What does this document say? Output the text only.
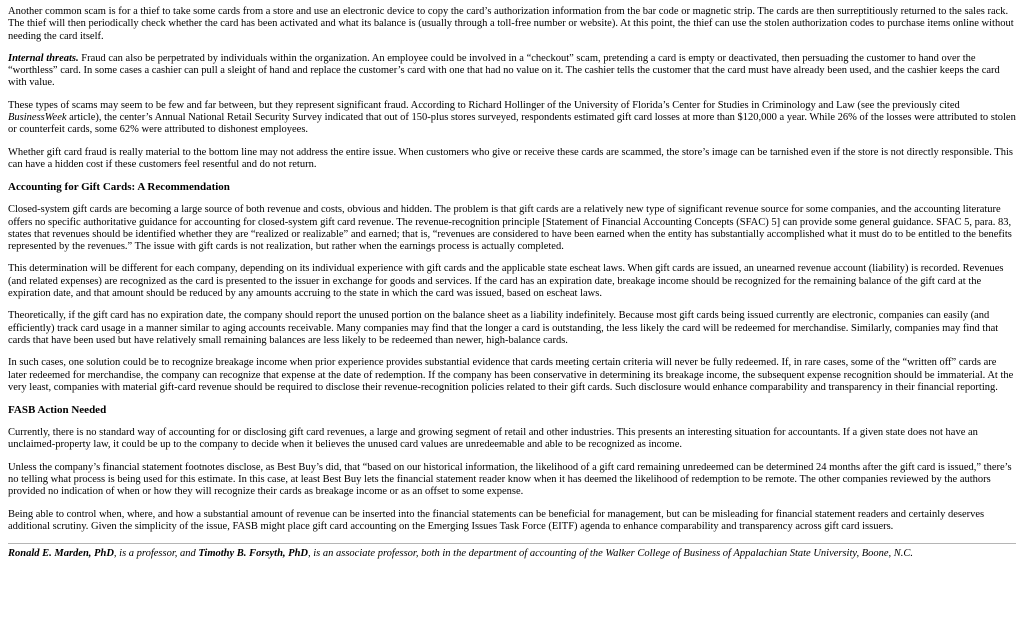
Another common scam is for a thief to take some cards from a store and use an electronic device to copy the card’s authorization information from the bar code or magnetic strip. The cards are then surreptitiously returned to the sales rack. The thief will then periodically check whether the card has been activated and what its balance is (usually through a toll-free number or website). At this point, the thief can use the stolen authorization codes to purchase items online without needing the card itself.

Internal threats. Fraud can also be perpetrated by individuals within the organization. An employee could be involved in a “checkout” scam, pretending a card is empty or deactivated, then persuading the customer to hand over the “worthless” card. In some cases a cashier can pull a sleight of hand and replace the customer’s card with one that had no value on it. The cashier tells the customer that the card must have already been used, and the cashier keeps the card with value.

These types of scams may seem to be few and far between, but they represent significant fraud. According to Richard Hollinger of the University of Florida’s Center for Studies in Criminology and Law (see the previously cited BusinessWeek article), the center’s Annual National Retail Security Survey indicated that out of 150-plus stores surveyed, respondents estimated gift card losses at more than $120,000 a year. While 26% of the losses were attributed to stolen or counterfeit cards, some 62% were attributed to dishonest employees.

Whether gift card fraud is really material to the bottom line may not address the entire issue. When customers who give or receive these cards are scammed, the store’s image can be tarnished even if the store is not directly responsible. This can have a hidden cost if these customers feel resentful and do not return.

Accounting for Gift Cards: A Recommendation

Closed-system gift cards are becoming a large source of both revenue and costs, obvious and hidden. The problem is that gift cards are a relatively new type of significant revenue source for some companies, and the accounting literature offers no specific authoritative guidance for accounting for closed-system gift card revenue. The revenue-recognition principle [Statement of Financial Accounting Concepts (SFAC) 5] can provide some general guidance. SFAC 5, para. 83, states that revenues should be identified whether they are “realized or realizable” and earned; that is, “revenues are considered to have been earned when the entity has substantially accomplished what it must do to be entitled to the benefits represented by the revenues.” The issue with gift cards is not realization, but rather when the earnings process is actually completed.

This determination will be different for each company, depending on its individual experience with gift cards and the applicable state escheat laws. When gift cards are issued, an unearned revenue account (liability) is recorded. Revenues (and related expenses) are recognized as the card is presented to the issuer in exchange for goods and services. If the card has an expiration date, breakage income should be recognized for the remaining balance of the gift card at the expiration date, and that amount should be reduced by any amounts accruing to the state in which the card was issued, based on escheat laws.

Theoretically, if the gift card has no expiration date, the company should report the unused portion on the balance sheet as a liability indefinitely. Because most gift cards being issued currently are electronic, companies can easily (and efficiently) track card usage in a manner similar to aging accounts receivable. Many companies may find that the longer a card is outstanding, the less likely the card will be redeemed for merchandise. Similarly, companies may find that cards that have been used but have relatively small remaining balances are less likely to be redeemed than newer, high-balance cards.

In such cases, one solution could be to recognize breakage income when prior experience provides substantial evidence that cards meeting certain criteria will never be fully redeemed. If, in rare cases, some of the “written off” cards are later redeemed for merchandise, the company can recognize that expense at the date of redemption. If the company has been conservative in determining its breakage income, the subsequent expense recognition should be immaterial. At the very least, companies with material gift-card revenue should be required to disclose their revenue-recognition policies related to their gift cards. Such disclosure would enhance comparability and transparency in their financial reporting.

FASB Action Needed

Currently, there is no standard way of accounting for or disclosing gift card revenues, a large and growing segment of retail and other industries. This presents an interesting situation for accountants. If a given state does not have an unclaimed-property law, it could be up to the company to decide when it believes the unused card values are unredeemable and able to be recognized as income.

Unless the company’s financial statement footnotes disclose, as Best Buy’s did, that “based on our historical information, the likelihood of a gift card remaining unredeemed can be determined 24 months after the gift card is issued,” there’s no telling what process is being used for this estimate. In this case, at least Best Buy lets the financial statement reader know when it has deemed the likelihood of redemption to be remote. The other companies reviewed by the authors provided no indication of when or how they will recognize their cards as breakage income or as an offset to some expense.

Being able to control when, where, and how a substantial amount of revenue can be inserted into the financial statements can be beneficial for management, but can be misleading for financial statement readers and certainly deserves additional scrutiny. Given the simplicity of the issue, FASB might place gift card accounting on the Emerging Issues Task Force (EITF) agenda to enhance comparability and transparency across gift card issuers.

Ronald E. Marden, PhD, is a professor, and Timothy B. Forsyth, PhD, is an associate professor, both in the department of accounting of the Walker College of Business of Appalachian State University, Boone, N.C.
